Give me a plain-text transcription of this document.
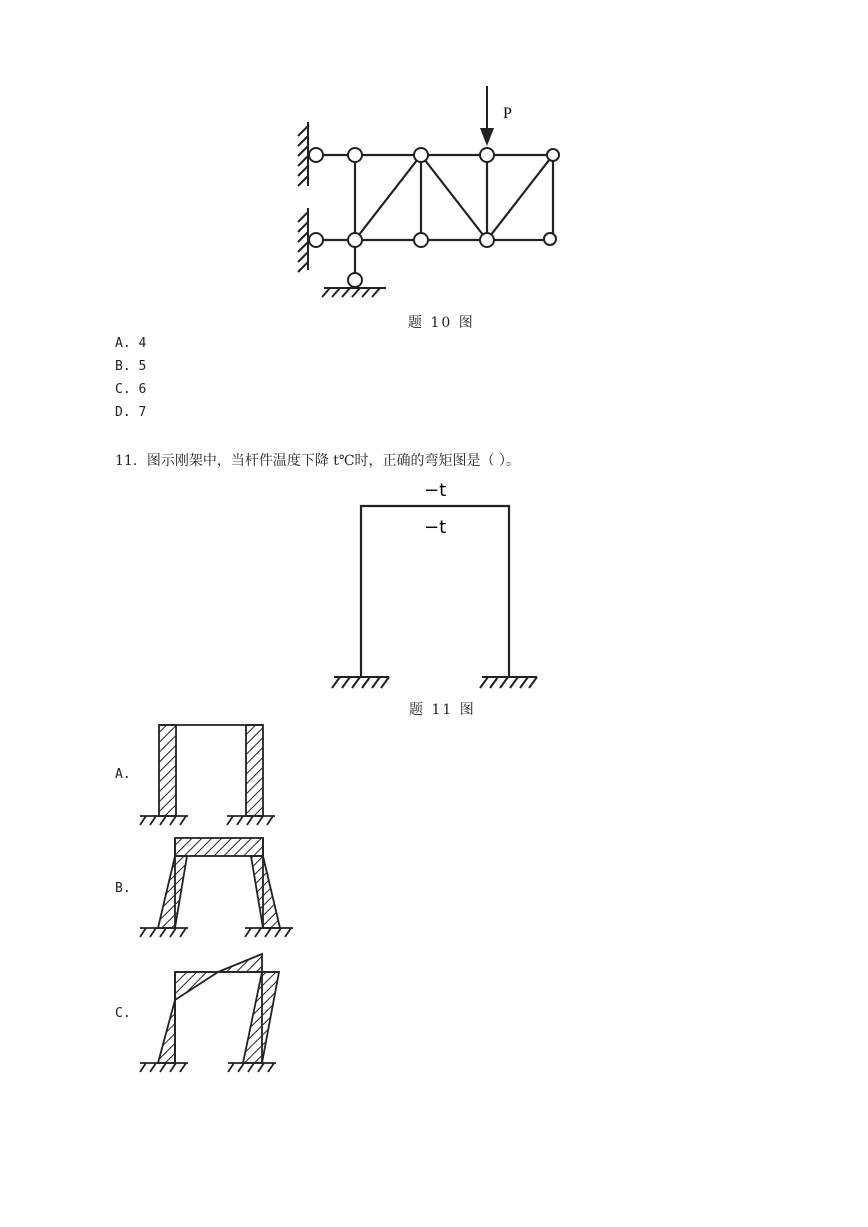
P
题 10 图
A. 4
B. 5
C. 6
D. 7
11．图示刚架中，当杆件温度下降 t℃时，正确的弯矩图是（ ）。
−t
−t
题 11 图
A.
B.
C.
